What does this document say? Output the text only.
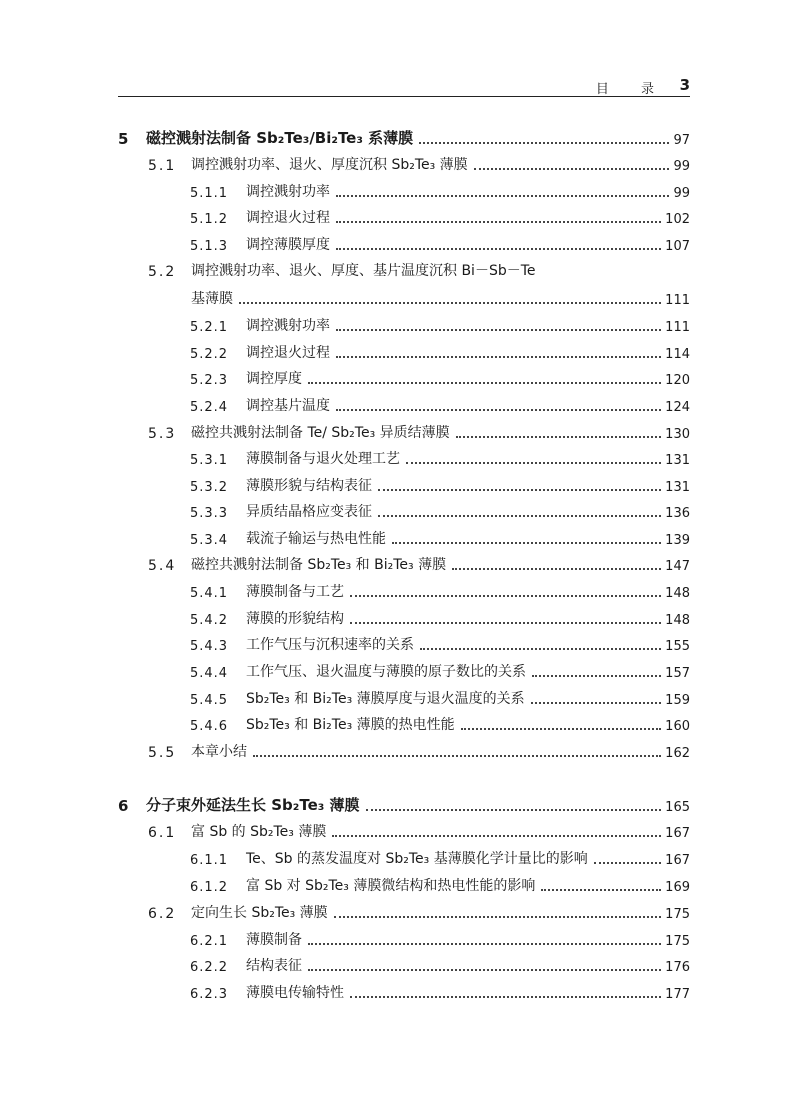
目 录 3
5	磁控溅射法制备 Sb₂Te₃/Bi₂Te₃ 系薄膜	97
5.1	调控溅射功率、退火、厚度沉积 Sb₂Te₃ 薄膜	99
5.1.1	调控溅射功率	99
5.1.2	调控退火过程	102
5.1.3	调控薄膜厚度	107
5.2	调控溅射功率、退火、厚度、基片温度沉积 Bi－Sb－Te
基薄膜	111
5.2.1	调控溅射功率	111
5.2.2	调控退火过程	114
5.2.3	调控厚度	120
5.2.4	调控基片温度	124
5.3	磁控共溅射法制备 Te/ Sb₂Te₃ 异质结薄膜	130
5.3.1	薄膜制备与退火处理工艺	131
5.3.2	薄膜形貌与结构表征	131
5.3.3	异质结晶格应变表征	136
5.3.4	载流子输运与热电性能	139
5.4	磁控共溅射法制备 Sb₂Te₃ 和 Bi₂Te₃ 薄膜	147
5.4.1	薄膜制备与工艺	148
5.4.2	薄膜的形貌结构	148
5.4.3	工作气压与沉积速率的关系	155
5.4.4	工作气压、退火温度与薄膜的原子数比的关系	157
5.4.5	Sb₂Te₃ 和 Bi₂Te₃ 薄膜厚度与退火温度的关系	159
5.4.6	Sb₂Te₃ 和 Bi₂Te₃ 薄膜的热电性能	160
5.5	本章小结	162
6	分子束外延法生长 Sb₂Te₃ 薄膜	165
6.1	富 Sb 的 Sb₂Te₃ 薄膜	167
6.1.1	Te、Sb 的蒸发温度对 Sb₂Te₃ 基薄膜化学计量比的影响	167
6.1.2	富 Sb 对 Sb₂Te₃ 薄膜微结构和热电性能的影响	169
6.2	定向生长 Sb₂Te₃ 薄膜	175
6.2.1	薄膜制备	175
6.2.2	结构表征	176
6.2.3	薄膜电传输特性	177
